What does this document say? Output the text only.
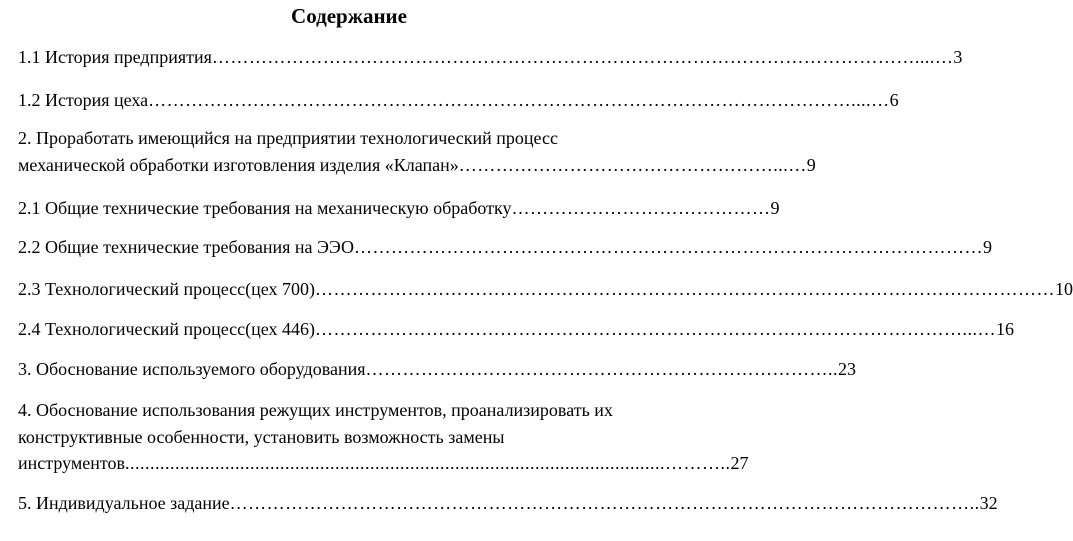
Содержание
1.1 История предприятия ……………………………………………………………………………………………………....… 3
1.2 История цеха ……………………………………………………………………………………………………....… 6
2. Проработать имеющийся на предприятии технологический процесс
механической обработки изготовления изделия «Клапан» ……………………………………………...… 9
2.1 Общие технические требования на механическую обработку …………………………………… 9
2.2 Общие технические требования на ЭЭО ………………………………………………………………………………………… 9
2.3 Технологический процесс(цех 700) ………………………………………………………………………………………………………… 10
2.4 Технологический процесс(цех 446) ……………………………………………………………………………………………...… 16
3. Обоснование используемого оборудования ………………………………………………………………….. 23
4. Обоснование использования режущих инструментов, проанализировать их
конструктивные особенности, установить возможность замены
инструментов ............................................................................................................……….. 27
5. Индивидуальное задание ………………………………………………………………………………………………………….. 32
